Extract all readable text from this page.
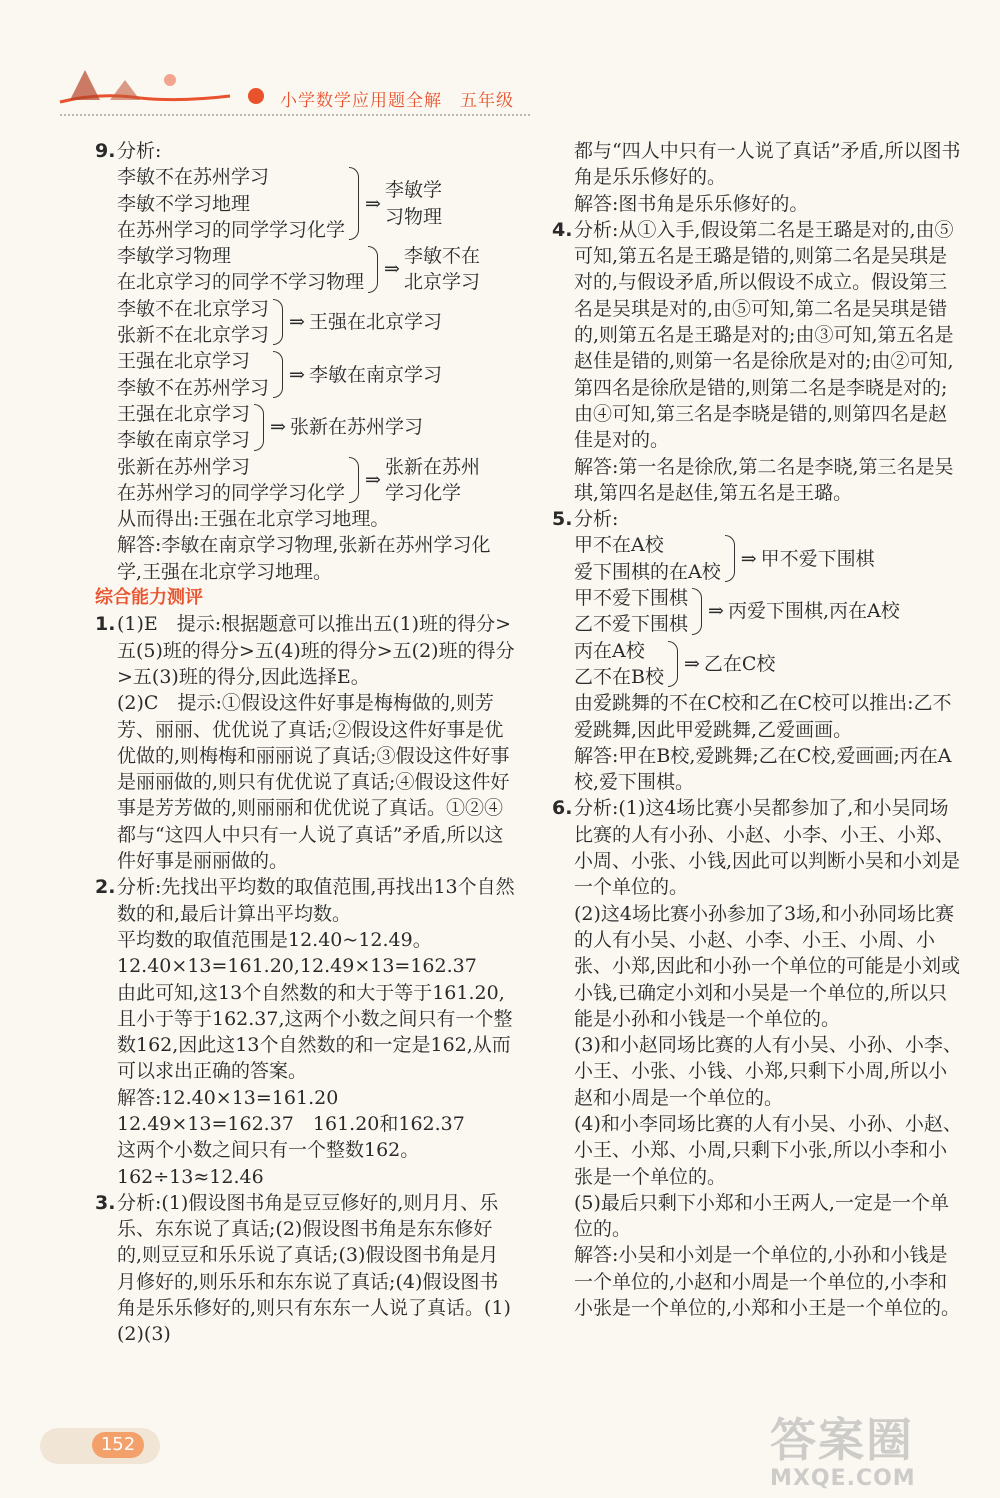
小学数学应用题全解　五年级
9. 分析:
李敏不在苏州学习
李敏不学习地理
在苏州学习的同学学习化学
⇒
李敏学
习物理
李敏学习物理
在北京学习的同学不学习物理
⇒
李敏不在
北京学习
李敏不在北京学习
张新不在北京学习
⇒ 王强在北京学习
王强在北京学习
李敏不在苏州学习
⇒ 李敏在南京学习
王强在北京学习
李敏在南京学习
⇒ 张新在苏州学习
张新在苏州学习
在苏州学习的同学学习化学
⇒
张新在苏州
学习化学
从而得出:王强在北京学习地理。
解答:李敏在南京学习物理,张新在苏州学习化学,王强在北京学习地理。
综合能力测评
1. (1)E　提示:根据题意可以推出五(1)班的得分>五(5)班的得分>五(4)班的得分>五(2)班的得分>五(3)班的得分,因此选择E。
(2)C　提示:①假设这件好事是梅梅做的,则芳芳、丽丽、优优说了真话;②假设这件好事是优优做的,则梅梅和丽丽说了真话;③假设这件好事是丽丽做的,则只有优优说了真话;④假设这件好事是芳芳做的,则丽丽和优优说了真话。①②④都与“这四人中只有一人说了真话”矛盾,所以这件好事是丽丽做的。
2. 分析:先找出平均数的取值范围,再找出13个自然数的和,最后计算出平均数。
平均数的取值范围是12.40~12.49。
12.40×13=161.20,12.49×13=162.37
由此可知,这13个自然数的和大于等于161.20,且小于等于162.37,这两个小数之间只有一个整数162,因此这13个自然数的和一定是162,从而可以求出正确的答案。
解答:12.40×13=161.20
12.49×13=162.37　161.20和162.37
这两个小数之间只有一个整数162。
162÷13≈12.46
3. 分析:(1)假设图书角是豆豆修好的,则月月、乐乐、东东说了真话;(2)假设图书角是东东修好的,则豆豆和乐乐说了真话;(3)假设图书角是月月修好的,则乐乐和东东说了真话;(4)假设图书角是乐乐修好的,则只有东东一人说了真话。(1)(2)(3)
都与“四人中只有一人说了真话”矛盾,所以图书角是乐乐修好的。
解答:图书角是乐乐修好的。
4. 分析:从①入手,假设第二名是王璐是对的,由⑤可知,第五名是王璐是错的,则第二名是吴琪是对的,与假设矛盾,所以假设不成立。假设第三名是吴琪是对的,由⑤可知,第二名是吴琪是错的,则第五名是王璐是对的;由③可知,第五名是赵佳是错的,则第一名是徐欣是对的;由②可知,第四名是徐欣是错的,则第二名是李晓是对的;由④可知,第三名是李晓是错的,则第四名是赵佳是对的。
解答:第一名是徐欣,第二名是李晓,第三名是吴琪,第四名是赵佳,第五名是王璐。
5. 分析:
甲不在A校
爱下围棋的在A校
⇒ 甲不爱下围棋
甲不爱下围棋
乙不爱下围棋
⇒ 丙爱下围棋,丙在A校
丙在A校
乙不在B校
⇒ 乙在C校
由爱跳舞的不在C校和乙在C校可以推出:乙不爱跳舞,因此甲爱跳舞,乙爱画画。
解答:甲在B校,爱跳舞;乙在C校,爱画画;丙在A校,爱下围棋。
6. 分析:(1)这4场比赛小吴都参加了,和小吴同场比赛的人有小孙、小赵、小李、小王、小郑、小周、小张、小钱,因此可以判断小吴和小刘是一个单位的。
(2)这4场比赛小孙参加了3场,和小孙同场比赛的人有小吴、小赵、小李、小王、小周、小张、小郑,因此和小孙一个单位的可能是小刘或小钱,已确定小刘和小吴是一个单位的,所以只能是小孙和小钱是一个单位的。
(3)和小赵同场比赛的人有小吴、小孙、小李、小王、小张、小钱、小郑,只剩下小周,所以小赵和小周是一个单位的。
(4)和小李同场比赛的人有小吴、小孙、小赵、小王、小郑、小周,只剩下小张,所以小李和小张是一个单位的。
(5)最后只剩下小郑和小王两人,一定是一个单位的。
解答:小吴和小刘是一个单位的,小孙和小钱是一个单位的,小赵和小周是一个单位的,小李和小张是一个单位的,小郑和小王是一个单位的。
152	答案圈
MXQE.COM
